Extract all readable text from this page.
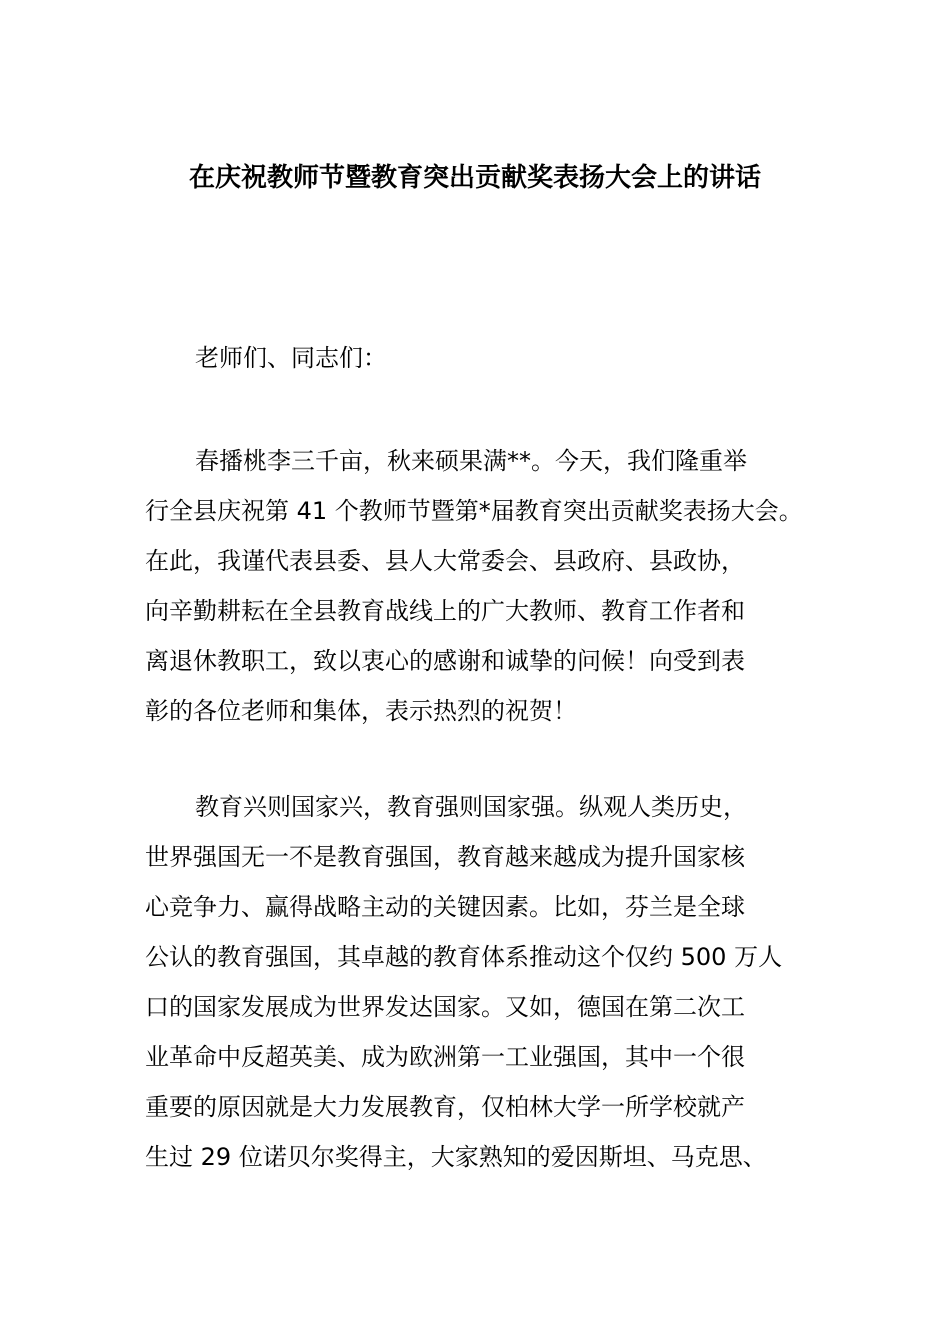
在庆祝教师节暨教育突出贡献奖表扬大会上的讲话

老师们、同志们：

春播桃李三千亩，秋来硕果满**。今天，我们隆重举
行全县庆祝第 41 个教师节暨第*届教育突出贡献奖表扬大会。
在此，我谨代表县委、县人大常委会、县政府、县政协，
向辛勤耕耘在全县教育战线上的广大教师、教育工作者和
离退休教职工，致以衷心的感谢和诚挚的问候！向受到表
彰的各位老师和集体，表示热烈的祝贺！
教育兴则国家兴，教育强则国家强。纵观人类历史，
世界强国无一不是教育强国，教育越来越成为提升国家核
心竞争力、赢得战略主动的关键因素。比如，芬兰是全球
公认的教育强国，其卓越的教育体系推动这个仅约 500 万人
口的国家发展成为世界发达国家。又如，德国在第二次工
业革命中反超英美、成为欧洲第一工业强国，其中一个很
重要的原因就是大力发展教育，仅柏林大学一所学校就产
生过 29 位诺贝尔奖得主，大家熟知的爱因斯坦、马克思、
